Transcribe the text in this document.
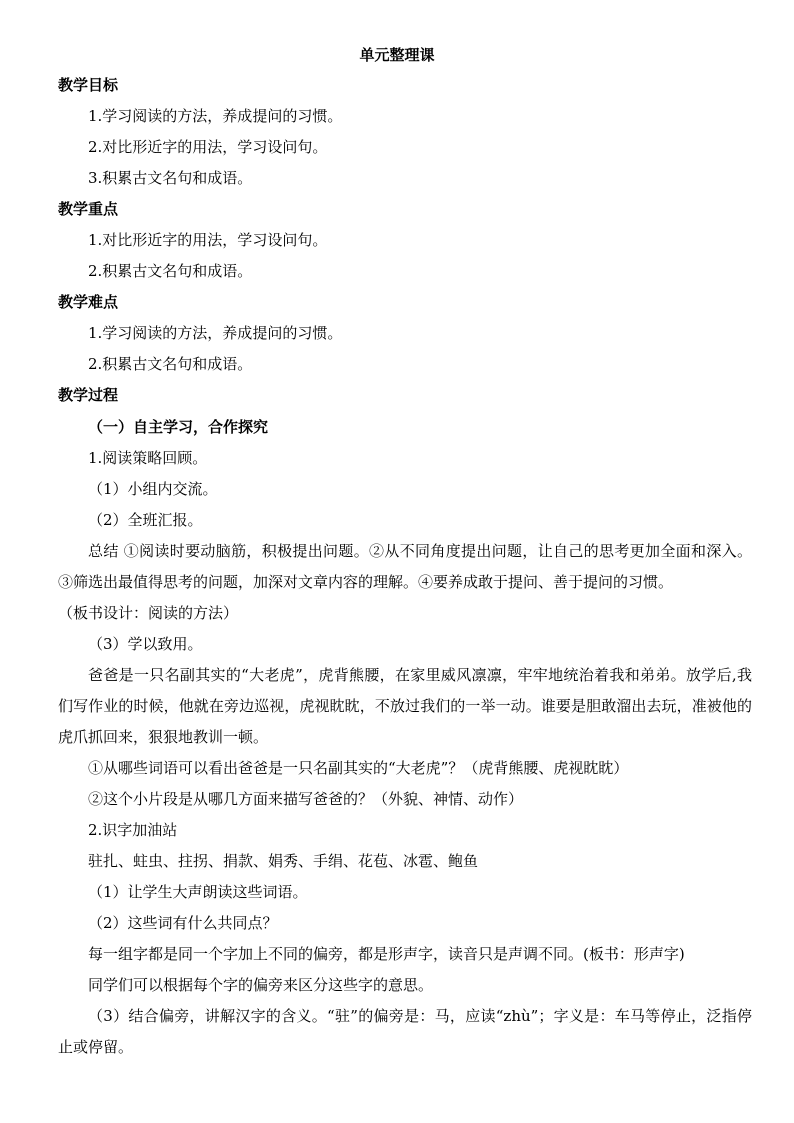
单元整理课
教学目标
1.学习阅读的方法，养成提问的习惯。
2.对比形近字的用法，学习设问句。
3.积累古文名句和成语。
教学重点
1.对比形近字的用法，学习设问句。
2.积累古文名句和成语。
教学难点
1.学习阅读的方法，养成提问的习惯。
2.积累古文名句和成语。
教学过程
（一）自主学习，合作探究
1.阅读策略回顾。
（1）小组内交流。
（2）全班汇报。
总结 ①阅读时要动脑筋，积极提出问题。②从不同角度提出问题，让自己的思考更加全面和深入。③筛选出最值得思考的问题，加深对文章内容的理解。④要养成敢于提问、善于提问的习惯。
（板书设计：阅读的方法）
（3）学以致用。
爸爸是一只名副其实的“大老虎”，虎背熊腰，在家里威风凛凛，牢牢地统治着我和弟弟。放学后,我们写作业的时候，他就在旁边巡视，虎视眈眈，不放过我们的一举一动。谁要是胆敢溜出去玩，准被他的虎爪抓回来，狠狠地教训一顿。
①从哪些词语可以看出爸爸是一只名副其实的“大老虎”？（虎背熊腰、虎视眈眈）
②这个小片段是从哪几方面来描写爸爸的？（外貌、神情、动作）
2.识字加油站
驻扎、蛀虫、拄拐、捐款、娟秀、手绢、花苞、冰雹、鲍鱼
（1）让学生大声朗读这些词语。
（2）这些词有什么共同点？
每一组字都是同一个字加上不同的偏旁，都是形声字，读音只是声调不同。(板书：形声字)
同学们可以根据每个字的偏旁来区分这些字的意思。
（3）结合偏旁，讲解汉字的含义。“驻”的偏旁是：马，应读“zhù”；字义是：车马等停止，泛指停止或停留。
